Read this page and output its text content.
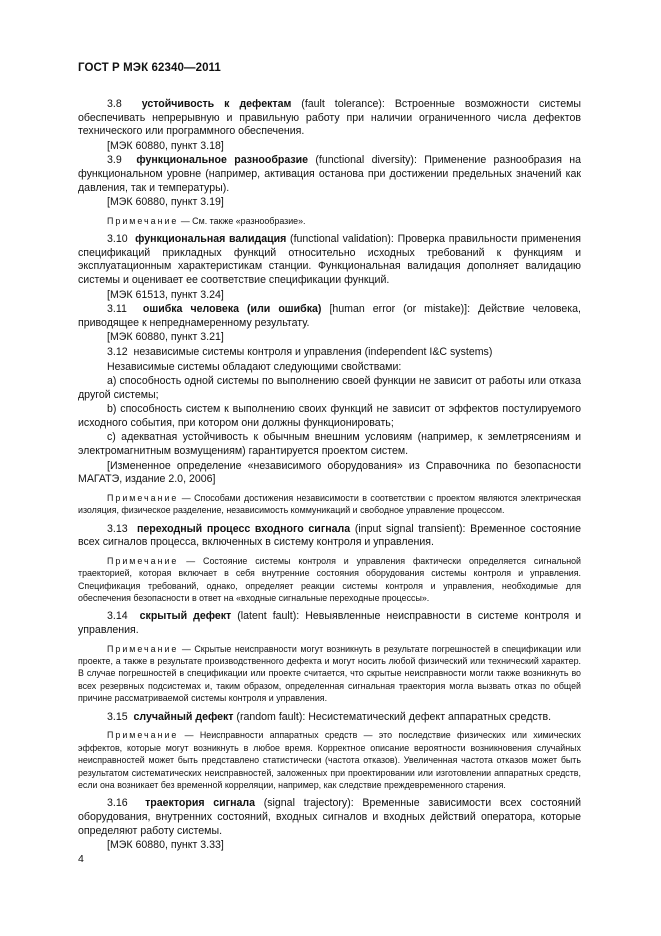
ГОСТ Р МЭК 62340—2011

3.8 устойчивость к дефектам (fault tolerance): Встроенные возможности системы обеспечивать непрерывную и правильную работу при наличии ограниченного числа дефектов технического или программного обеспечения.

[МЭК 60880, пункт 3.18]

3.9 функциональное разнообразие (functional diversity): Применение разнообразия на функциональном уровне (например, активация останова при достижении предельных значений как давления, так и температуры).

[МЭК 60880, пункт 3.19]

Примечание — См. также «разнообразие».

3.10 функциональная валидация (functional validation): Проверка правильности применения спецификаций прикладных функций относительно исходных требований к функциям и эксплуатационным характеристикам станции. Функциональная валидация дополняет валидацию системы и оценивает ее соответствие спецификации функций.

[МЭК 61513, пункт 3.24]

3.11 ошибка человека (или ошибка) [human error (or mistake)]: Действие человека, приводящее к непреднамеренному результату.

[МЭК 60880, пункт 3.21]

3.12 независимые системы контроля и управления (independent I&C systems)

Независимые системы обладают следующими свойствами:

a) способность одной системы по выполнению своей функции не зависит от работы или отказа другой системы;

b) способность систем к выполнению своих функций не зависит от эффектов постулируемого исходного события, при котором они должны функционировать;

c) адекватная устойчивость к обычным внешним условиям (например, к землетрясениям и электромагнитным возмущениям) гарантируется проектом систем.

[Измененное определение «независимого оборудования» из Справочника по безопасности МАГАТЭ, издание 2.0, 2006]

Примечание — Способами достижения независимости в соответствии с проектом являются электрическая изоляция, физическое разделение, независимость коммуникаций и свободное управление процессом.

3.13 переходный процесс входного сигнала (input signal transient): Временное состояние всех сигналов процесса, включенных в систему контроля и управления.

Примечание — Состояние системы контроля и управления фактически определяется сигнальной траекторией, которая включает в себя внутренние состояния оборудования системы контроля и управления. Спецификация требований, однако, определяет реакции системы контроля и управления, необходимые для обеспечения безопасности в ответ на «входные сигнальные переходные процессы».

3.14 скрытый дефект (latent fault): Невыявленные неисправности в системе контроля и управления.

Примечание — Скрытые неисправности могут возникнуть в результате погрешностей в спецификации или проекте, а также в результате производственного дефекта и могут носить любой физический или технический характер. В случае погрешностей в спецификации или проекте считается, что скрытые неисправности могли также возникнуть во всех резервных подсистемах и, таким образом, определенная сигнальная траектория могла вызвать отказ по общей причине рассматриваемой системы контроля и управления.

3.15 случайный дефект (random fault): Несистематический дефект аппаратных средств.

Примечание — Неисправности аппаратных средств — это последствие физических или химических эффектов, которые могут возникнуть в любое время. Корректное описание вероятности возникновения случайных неисправностей может быть представлено статистически (частота отказов). Увеличенная частота отказов может быть результатом систематических неисправностей, заложенных при проектировании или изготовлении аппаратных средств, если она возникает без временной корреляции, например, как следствие преждевременного старения.

3.16 траектория сигнала (signal trajectory): Временные зависимости всех состояний оборудования, внутренних состояний, входных сигналов и входных действий оператора, которые определяют работу системы.

[МЭК 60880, пункт 3.33]

4
